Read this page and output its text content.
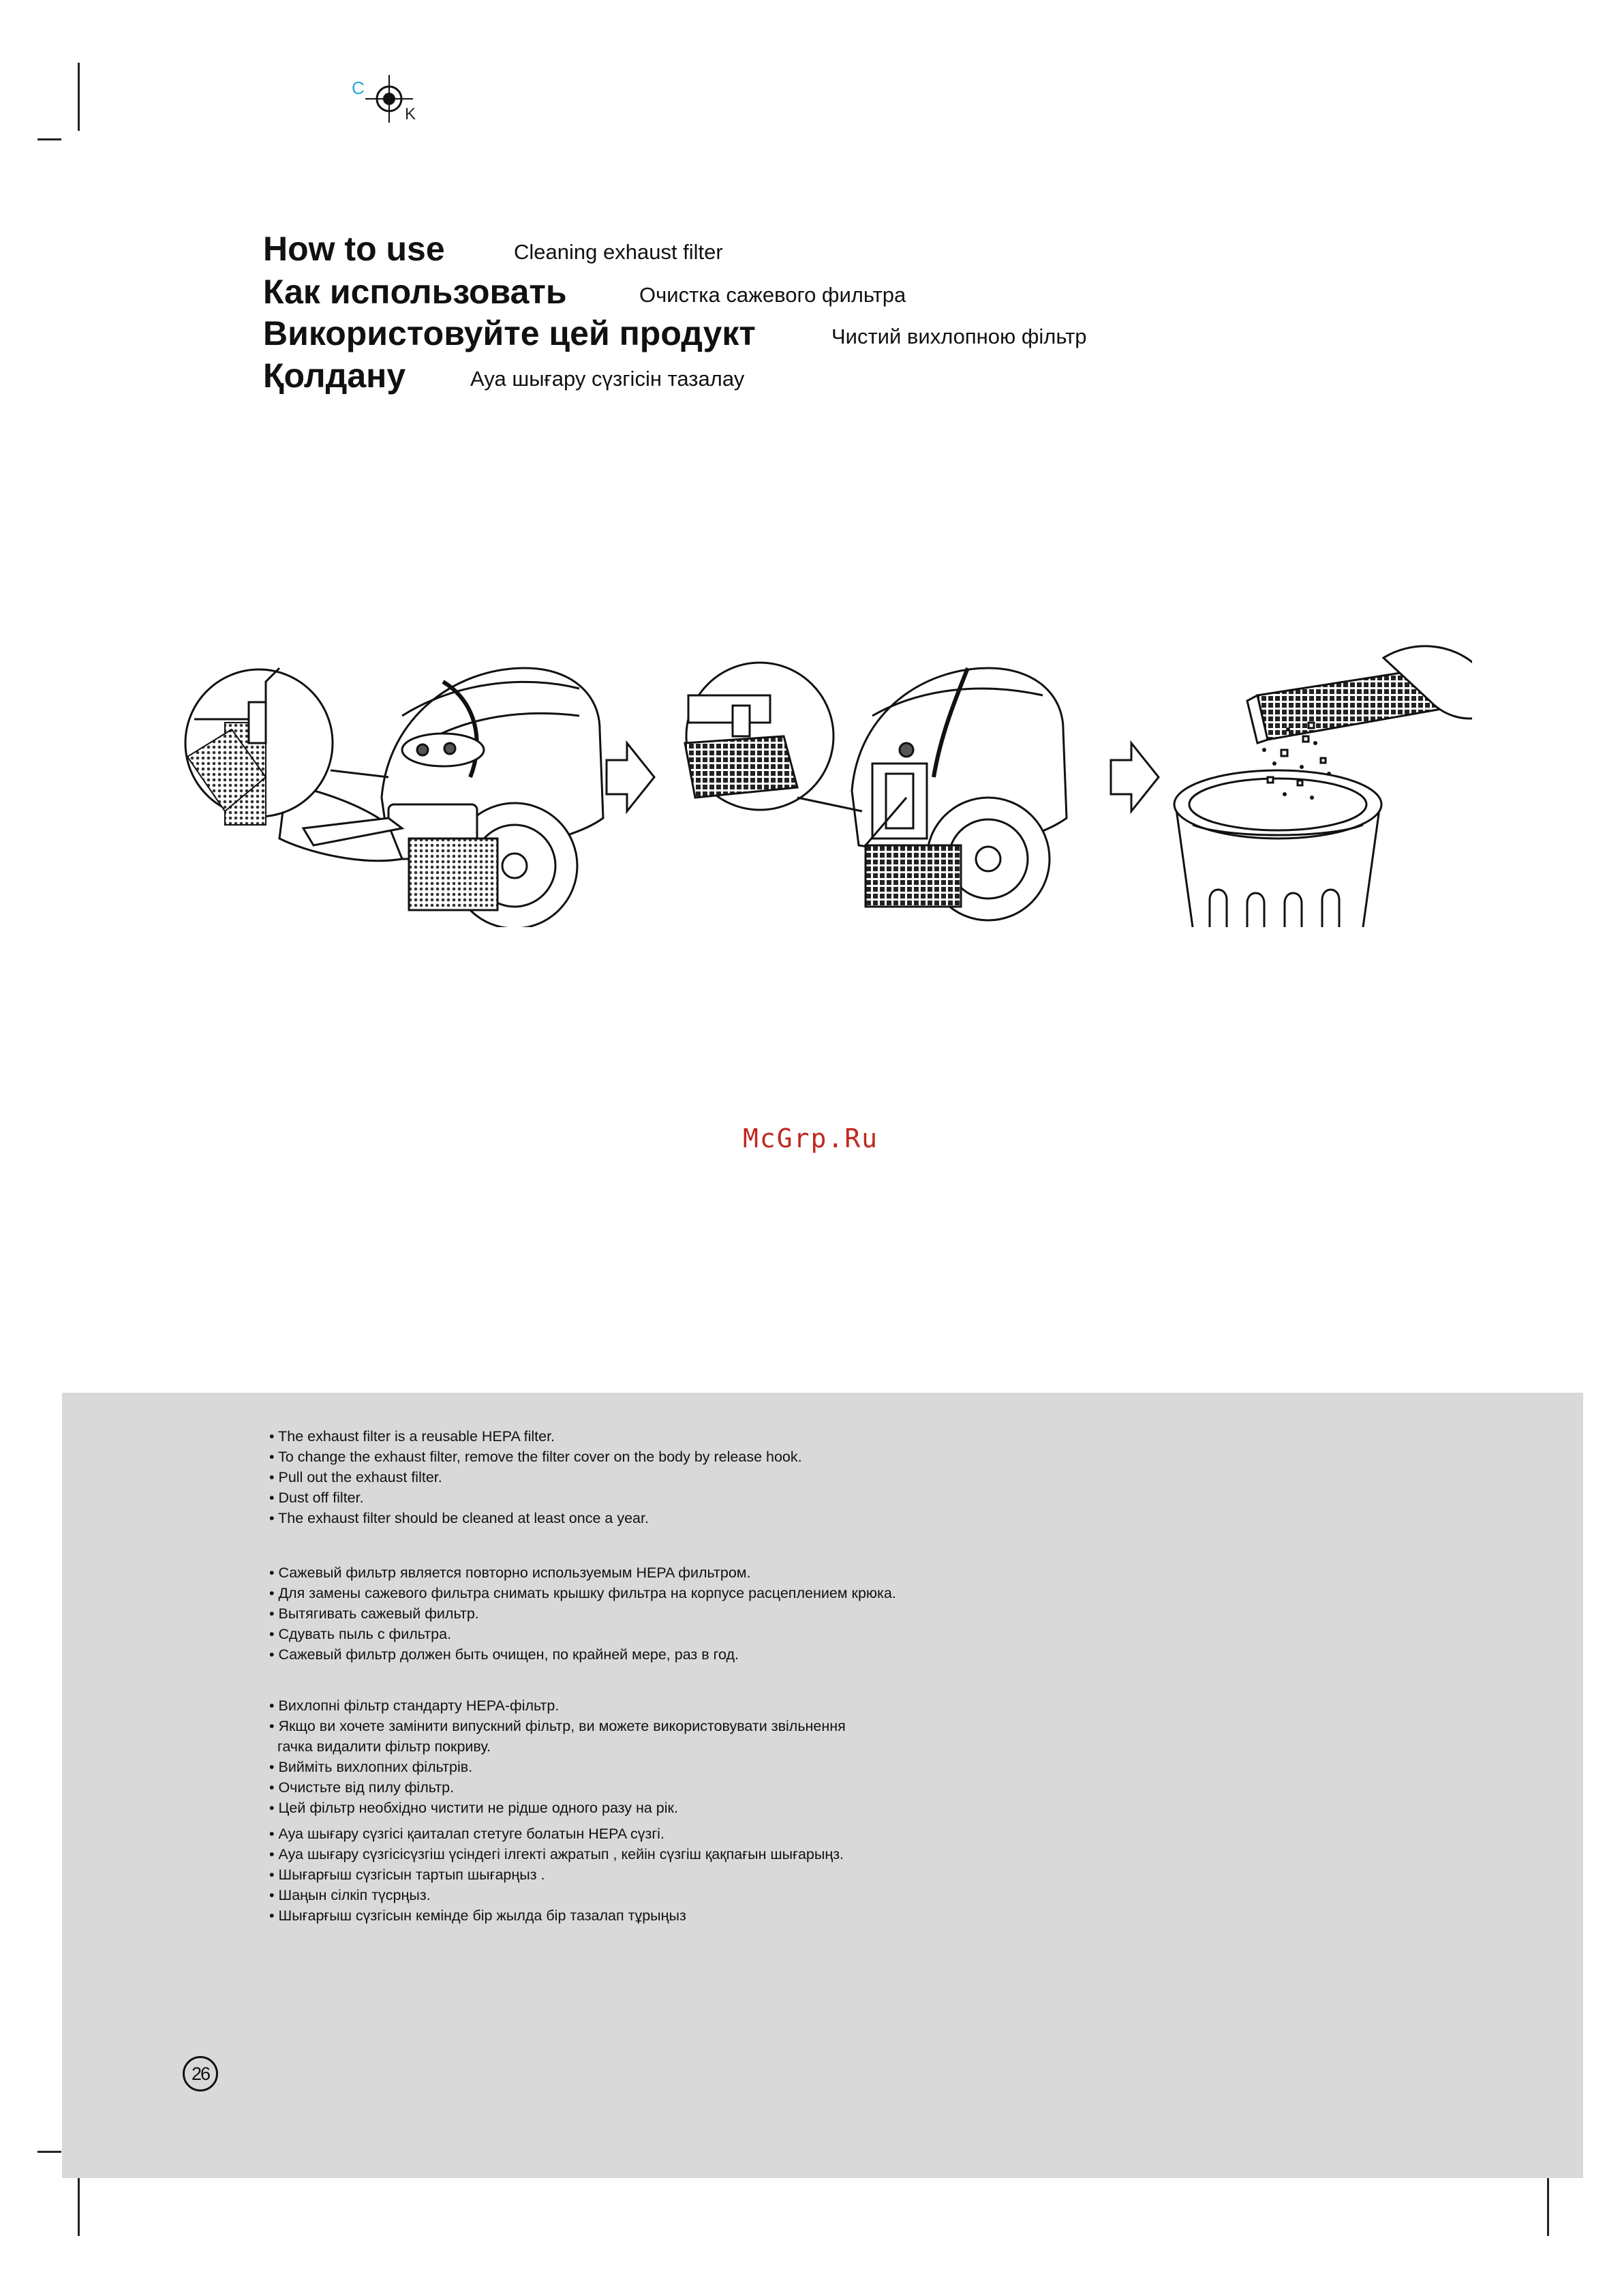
C
K
How to use	Cleaning exhaust filter
Как использовать	Очистка сажевого фильтра
Використовуйте цей продукт	Чистий вихлопною фільтр
Қолдану	Ауа шығару сүзгісін тазалау
McGrp.Ru
• The exhaust filter is a reusable HEPA filter.
• To change the exhaust filter, remove the filter cover on the body by release hook.
• Pull out the exhaust filter.
• Dust off filter.
• The exhaust filter should be cleaned at least once a year.
• Сажевый фильтр является повторно используемым HEPA фильтром.
• Для замены сажевого фильтра снимать крышку фильтра на корпусе расцеплением крюка.
• Вытягивать сажевый фильтр.
• Сдувать пыль с фильтра.
• Сажевый фильтр должен быть очищен, по крайней мере, раз в год.
• Вихлопні фільтр стандарту HEPA-фільтр.
• Якщо ви хочете замінити випускний фільтр, ви можете використовувати звільнення
гачка видалити фільтр покриву.
• Вийміть вихлопних фільтрів.
• Очистьте від пилу фільтр.
• Цей фільтр необхідно чистити не рідше одного разу на рік.
• Ауа шығару сүзгісі қаиталап стетуге болатын HEPA сүзгі.
• Ауа шығару сүзгісісүзгіш үсіндегі ілгекті ажратып , кейін сүзгіш қақпағын шығарыңз.
• Шығарғыш сүзгісын тартып шығарңыз .
• Шаңын сілкіп түсрңыз.
• Шығарғыш сүзгісын кемінде бір жылда бір тазалап тұрыңыз
26
